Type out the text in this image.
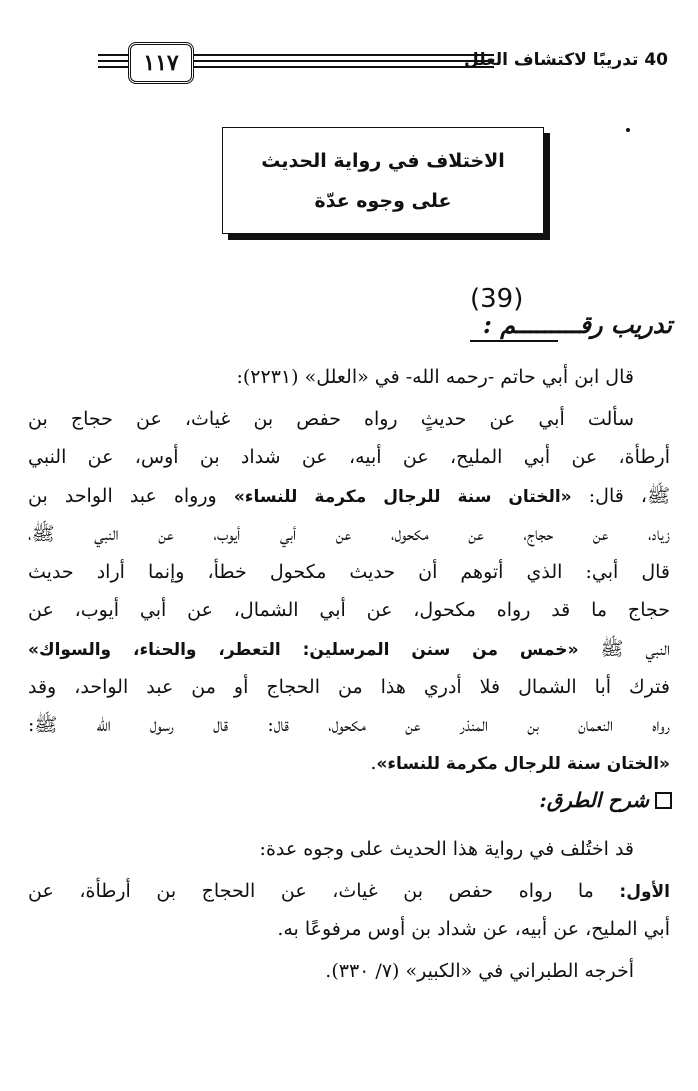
١١٧	40 تدريبًا لاكتشاف العلل
الاختلاف في رواية الحديث
على وجوه عدّة
(39)
تدريب رقـــــــــم :
قال ابن أبي حاتم -رحمه الله- في «العلل» (٢٢٣١):
سألت أبي عن حديثٍ رواه حفص بن غياث، عن حجاج بن
أرطأة، عن أبي المليح، عن أبيه، عن شداد بن أوس، عن النبي
ﷺ، قال: «الختان سنة للرجال مكرمة للنساء» ورواه عبد الواحد بن
زياد، عن حجاج، عن مكحول، عن أبي أيوب، عن النبي ﷺ،
قال أبي: الذي أتوهم أن حديث مكحول خطأ، وإنما أراد حديث
حجاج ما قد رواه مكحول، عن أبي الشمال، عن أبي أيوب، عن
النبي ﷺ «خمس من سنن المرسلين: التعطر، والحناء، والسواك»
فترك أبا الشمال فلا أدري هذا من الحجاج أو من عبد الواحد، وقد
رواه النعمان بن المنذر عن مكحول، قال: قال رسول الله ﷺ:
«الختان سنة للرجال مكرمة للنساء».
شرح الطرق:
قد اختُلف في رواية هذا الحديث على وجوه عدة:
الأول: ما رواه حفص بن غياث، عن الحجاج بن أرطأة، عن
أبي المليح، عن أبيه، عن شداد بن أوس مرفوعًا به.
أخرجه الطبراني في «الكبير» (٧/ ٣٣٠).
